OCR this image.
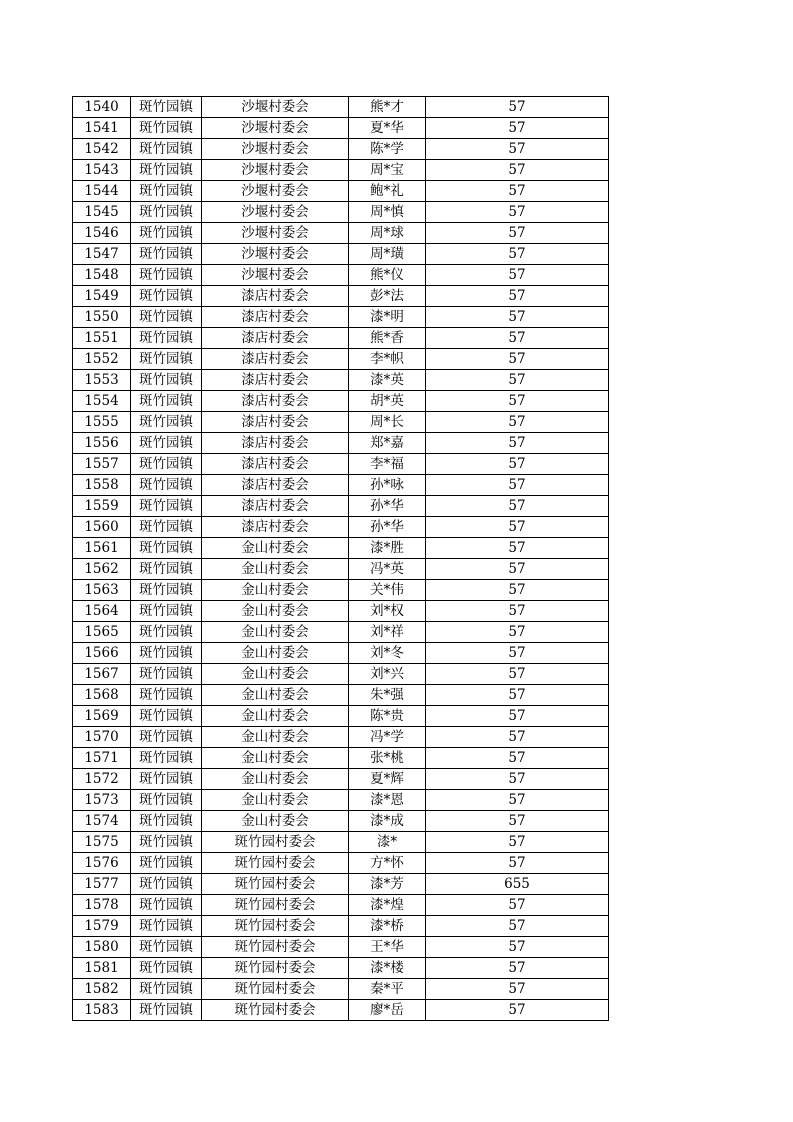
1540	斑竹园镇	沙堰村委会	熊*才	57
1541	斑竹园镇	沙堰村委会	夏*华	57
1542	斑竹园镇	沙堰村委会	陈*学	57
1543	斑竹园镇	沙堰村委会	周*宝	57
1544	斑竹园镇	沙堰村委会	鲍*礼	57
1545	斑竹园镇	沙堰村委会	周*慎	57
1546	斑竹园镇	沙堰村委会	周*球	57
1547	斑竹园镇	沙堰村委会	周*璜	57
1548	斑竹园镇	沙堰村委会	熊*仪	57
1549	斑竹园镇	漆店村委会	彭*法	57
1550	斑竹园镇	漆店村委会	漆*明	57
1551	斑竹园镇	漆店村委会	熊*香	57
1552	斑竹园镇	漆店村委会	李*帜	57
1553	斑竹园镇	漆店村委会	漆*英	57
1554	斑竹园镇	漆店村委会	胡*英	57
1555	斑竹园镇	漆店村委会	周*长	57
1556	斑竹园镇	漆店村委会	郑*嘉	57
1557	斑竹园镇	漆店村委会	李*福	57
1558	斑竹园镇	漆店村委会	孙*咏	57
1559	斑竹园镇	漆店村委会	孙*华	57
1560	斑竹园镇	漆店村委会	孙*华	57
1561	斑竹园镇	金山村委会	漆*胜	57
1562	斑竹园镇	金山村委会	冯*英	57
1563	斑竹园镇	金山村委会	关*伟	57
1564	斑竹园镇	金山村委会	刘*权	57
1565	斑竹园镇	金山村委会	刘*祥	57
1566	斑竹园镇	金山村委会	刘*冬	57
1567	斑竹园镇	金山村委会	刘*兴	57
1568	斑竹园镇	金山村委会	朱*强	57
1569	斑竹园镇	金山村委会	陈*贵	57
1570	斑竹园镇	金山村委会	冯*学	57
1571	斑竹园镇	金山村委会	张*桃	57
1572	斑竹园镇	金山村委会	夏*辉	57
1573	斑竹园镇	金山村委会	漆*恩	57
1574	斑竹园镇	金山村委会	漆*成	57
1575	斑竹园镇	斑竹园村委会	漆*	57
1576	斑竹园镇	斑竹园村委会	方*怀	57
1577	斑竹园镇	斑竹园村委会	漆*芳	655
1578	斑竹园镇	斑竹园村委会	漆*煌	57
1579	斑竹园镇	斑竹园村委会	漆*桥	57
1580	斑竹园镇	斑竹园村委会	王*华	57
1581	斑竹园镇	斑竹园村委会	漆*楼	57
1582	斑竹园镇	斑竹园村委会	秦*平	57
1583	斑竹园镇	斑竹园村委会	廖*岳	57
